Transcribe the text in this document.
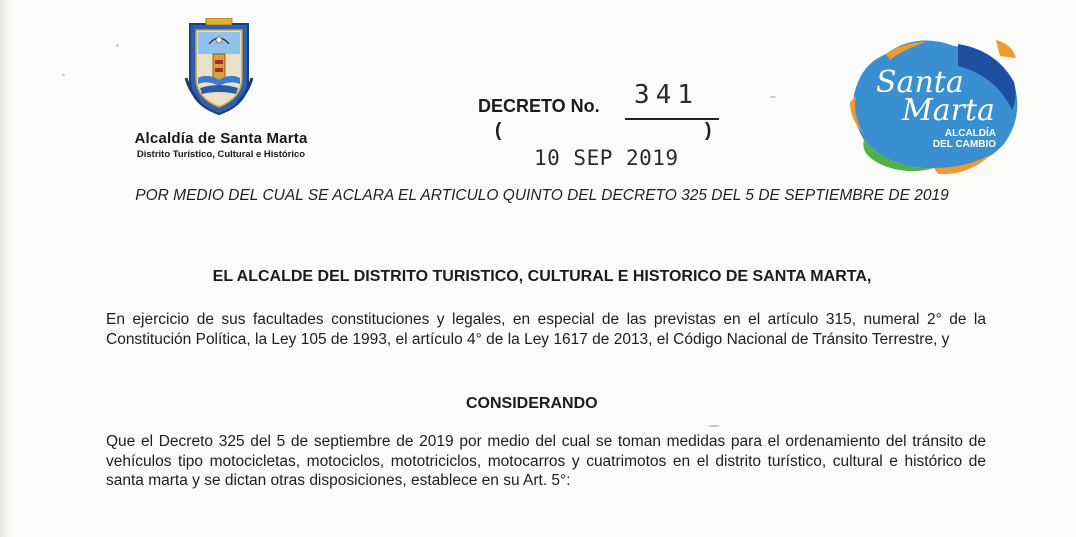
Alcaldía de Santa Marta
Distrito Turístico, Cultural e Histórico
DECRETO No. 341
(	)
10 SEP 2019
Santa
Marta
ALCALDÍA
DEL CAMBIO
POR MEDIO DEL CUAL SE ACLARA EL ARTICULO QUINTO DEL DECRETO 325 DEL 5 DE SEPTIEMBRE DE 2019
EL ALCALDE DEL DISTRITO TURISTICO, CULTURAL E HISTORICO DE SANTA MARTA,
En ejercicio de sus facultades constituciones y legales, en especial de las previstas en el artículo 315, numeral 2° de la Constitución Política, la Ley 105 de 1993, el artículo 4° de la Ley 1617 de 2013, el Código Nacional de Tránsito Terrestre, y
CONSIDERANDO
Que el Decreto 325 del 5 de septiembre de 2019 por medio del cual se toman medidas para el ordenamiento del tránsito de vehículos tipo motocicletas, motociclos, mototriciclos, motocarros y cuatrimotos en el distrito turístico, cultural e histórico de santa marta y se dictan otras disposiciones, establece en su Art. 5°:
